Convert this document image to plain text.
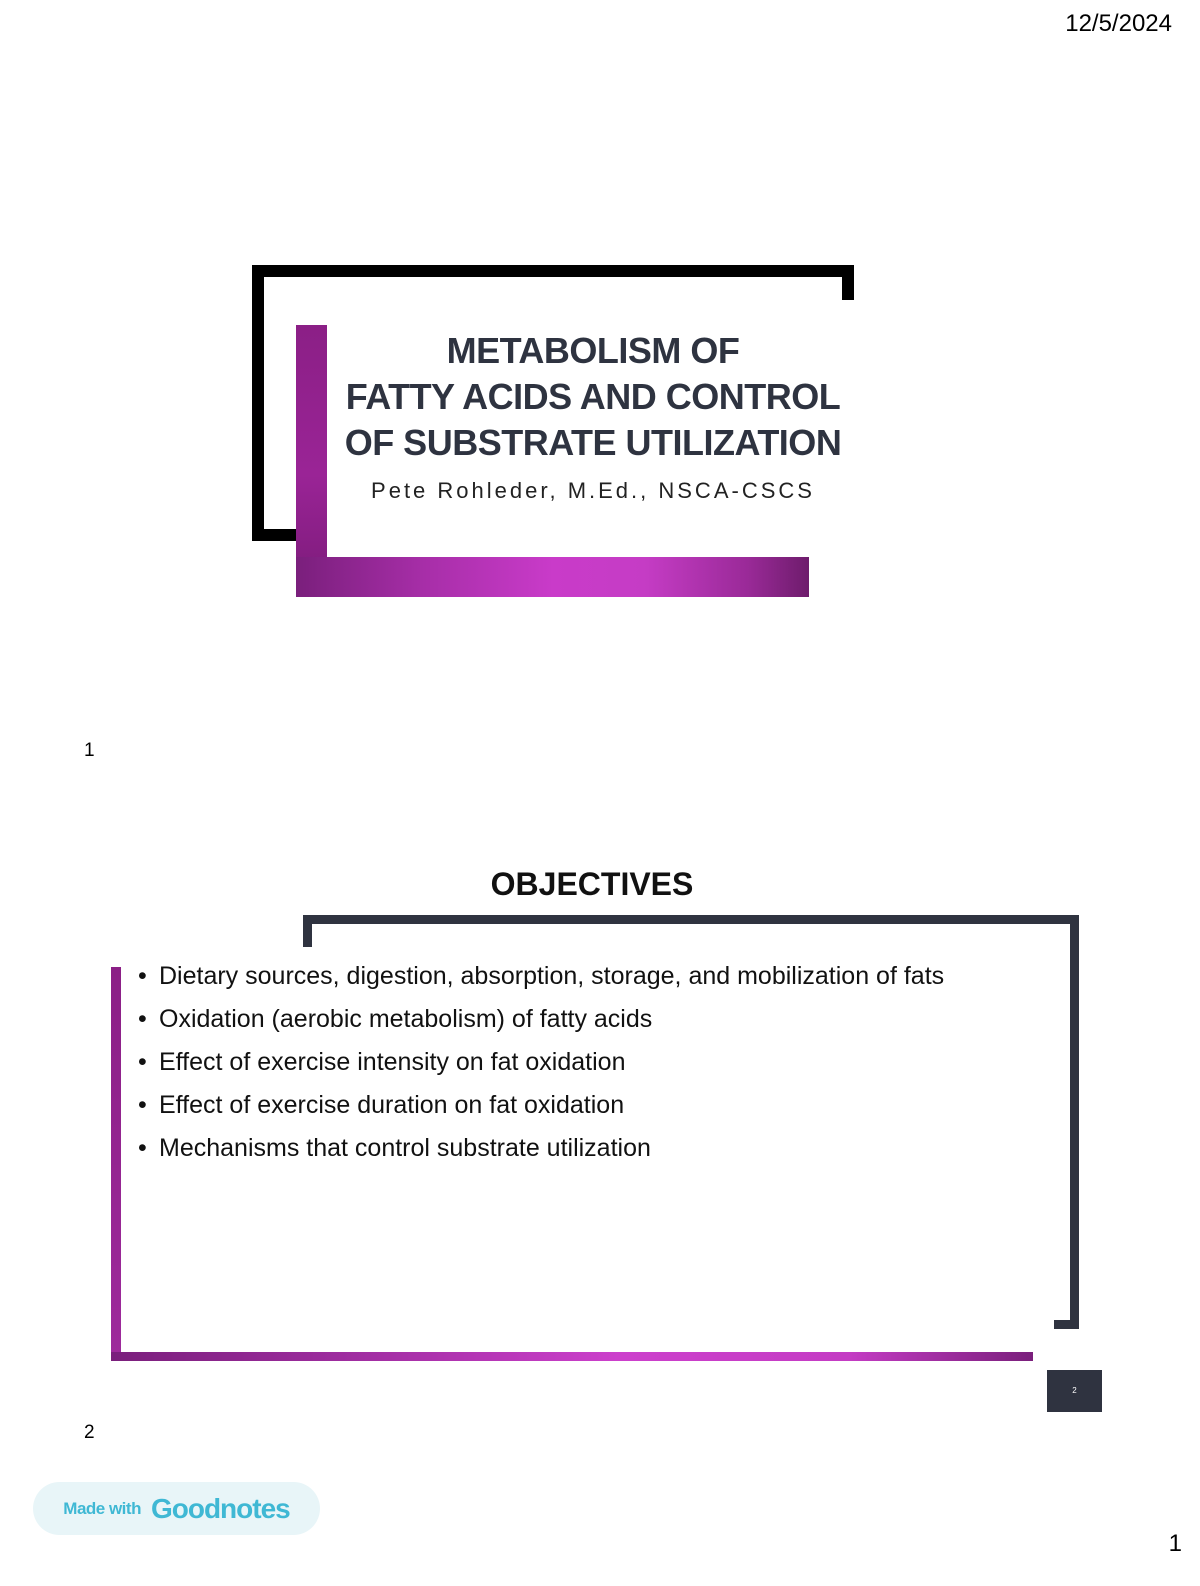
12/5/2024
METABOLISM OF
FATTY ACIDS AND CONTROL
OF SUBSTRATE UTILIZATION
Pete Rohleder, M.Ed., NSCA-CSCS
1
OBJECTIVES
• Dietary sources, digestion, absorption, storage, and mobilization of fats
• Oxidation (aerobic metabolism) of fatty acids
• Effect of exercise intensity on fat oxidation
• Effect of exercise duration on fat oxidation
• Mechanisms that control substrate utilization
2
2
Made with Goodnotes
1
